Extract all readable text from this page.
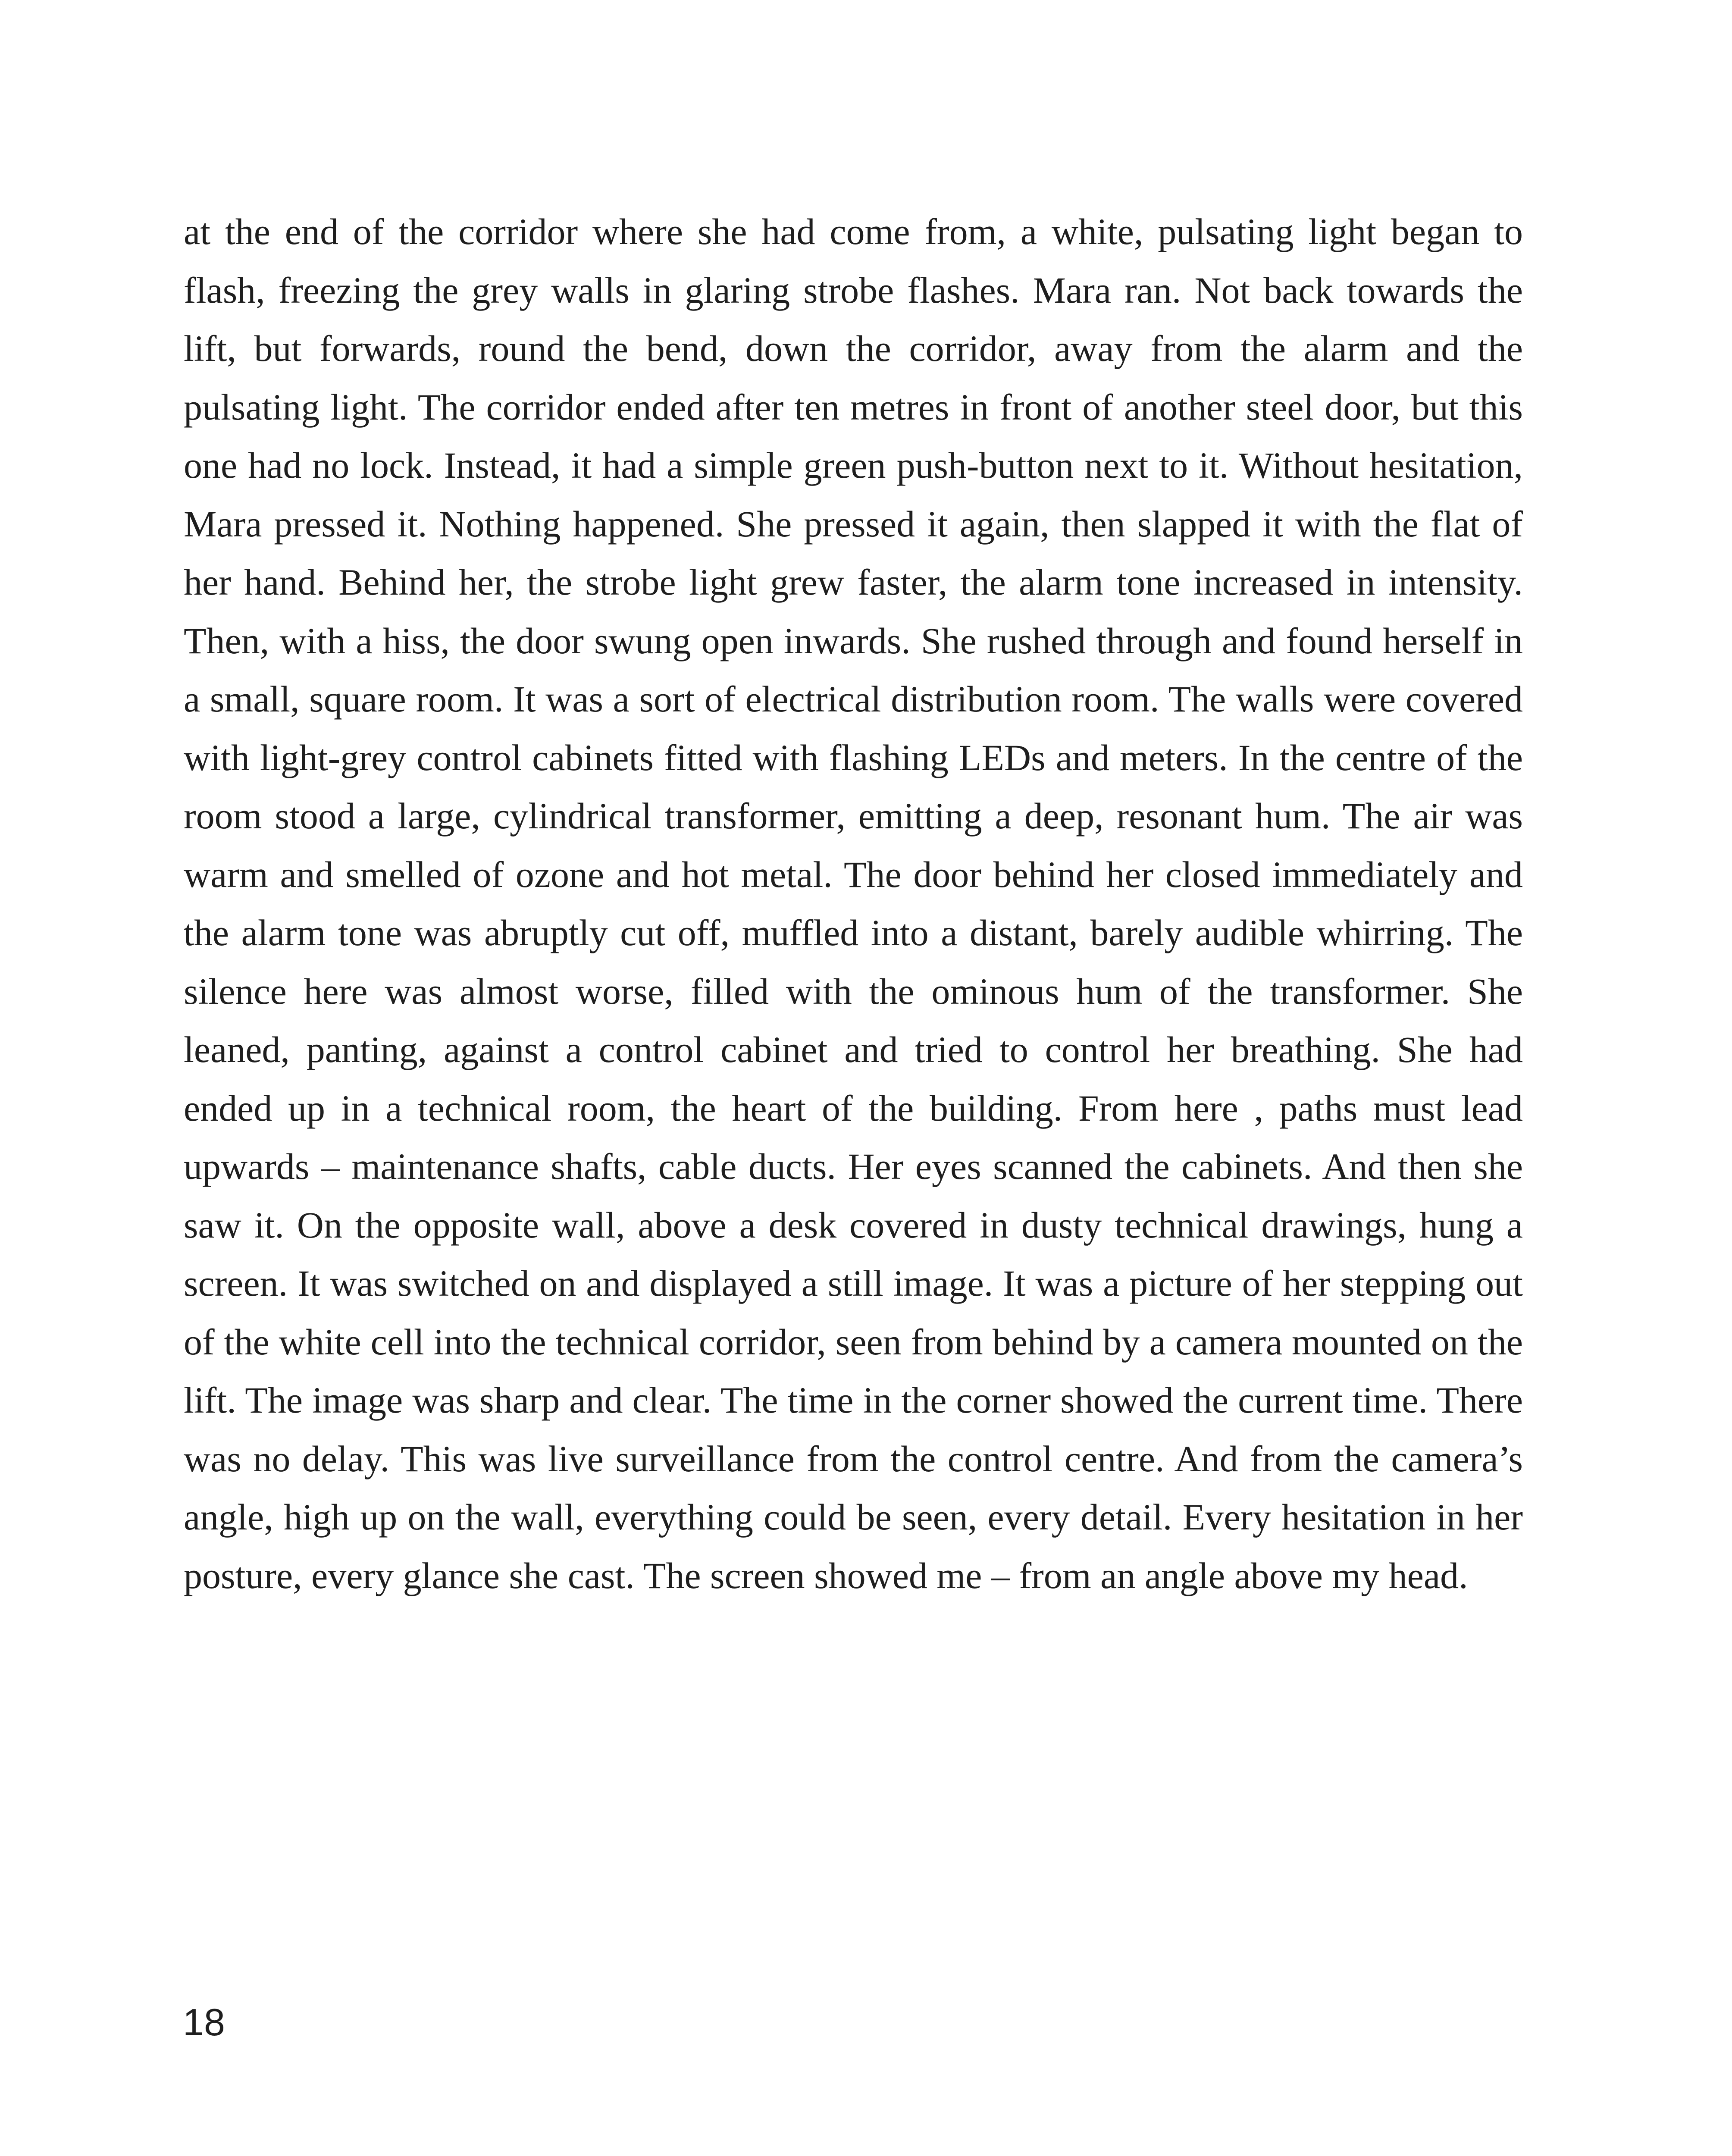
at the end of the corridor where she had come from, a white, pulsating light began to flash, freezing the grey walls in glaring strobe flashes. Mara ran. Not back towards the lift, but forwards, round the bend, down the corridor, away from the alarm and the pulsating light. The corridor ended after ten metres in front of another steel door, but this one had no lock. Instead, it had a simple green push-button next to it. Without hesitation, Mara pressed it. Nothing happened. She pressed it again, then slapped it with the flat of her hand. Behind her, the strobe light grew faster, the alarm tone increased in intensity. Then, with a hiss, the door swung open inwards. She rushed through and found herself in a small, square room. It was a sort of electrical distribution room. The walls were covered with light-grey control cabinets fitted with flashing LEDs and meters. In the centre of the room stood a large, cylindrical transformer, emitting a deep, resonant hum. The air was warm and smelled of ozone and hot metal. The door behind her closed immediately and the alarm tone was abruptly cut off, muffled into a distant, barely audible whirring. The silence here was almost worse, filled with the ominous hum of the transformer. She leaned, panting, against a control cabinet and tried to control her breathing. She had ended up in a technical room, the heart of the building. From here , paths must lead upwards – maintenance shafts, cable ducts. Her eyes scanned the cabinets. And then she saw it. On the opposite wall, above a desk covered in dusty technical drawings, hung a screen. It was switched on and displayed a still image. It was a picture of her stepping out of the white cell into the technical corridor, seen from behind by a camera mounted on the lift. The image was sharp and clear. The time in the corner showed the current time. There was no delay. This was live surveillance from the control centre. And from the camera’s angle, high up on the wall, everything could be seen, every detail. Every hesitation in her posture, every glance she cast. The screen showed me – from an angle above my head.

18
